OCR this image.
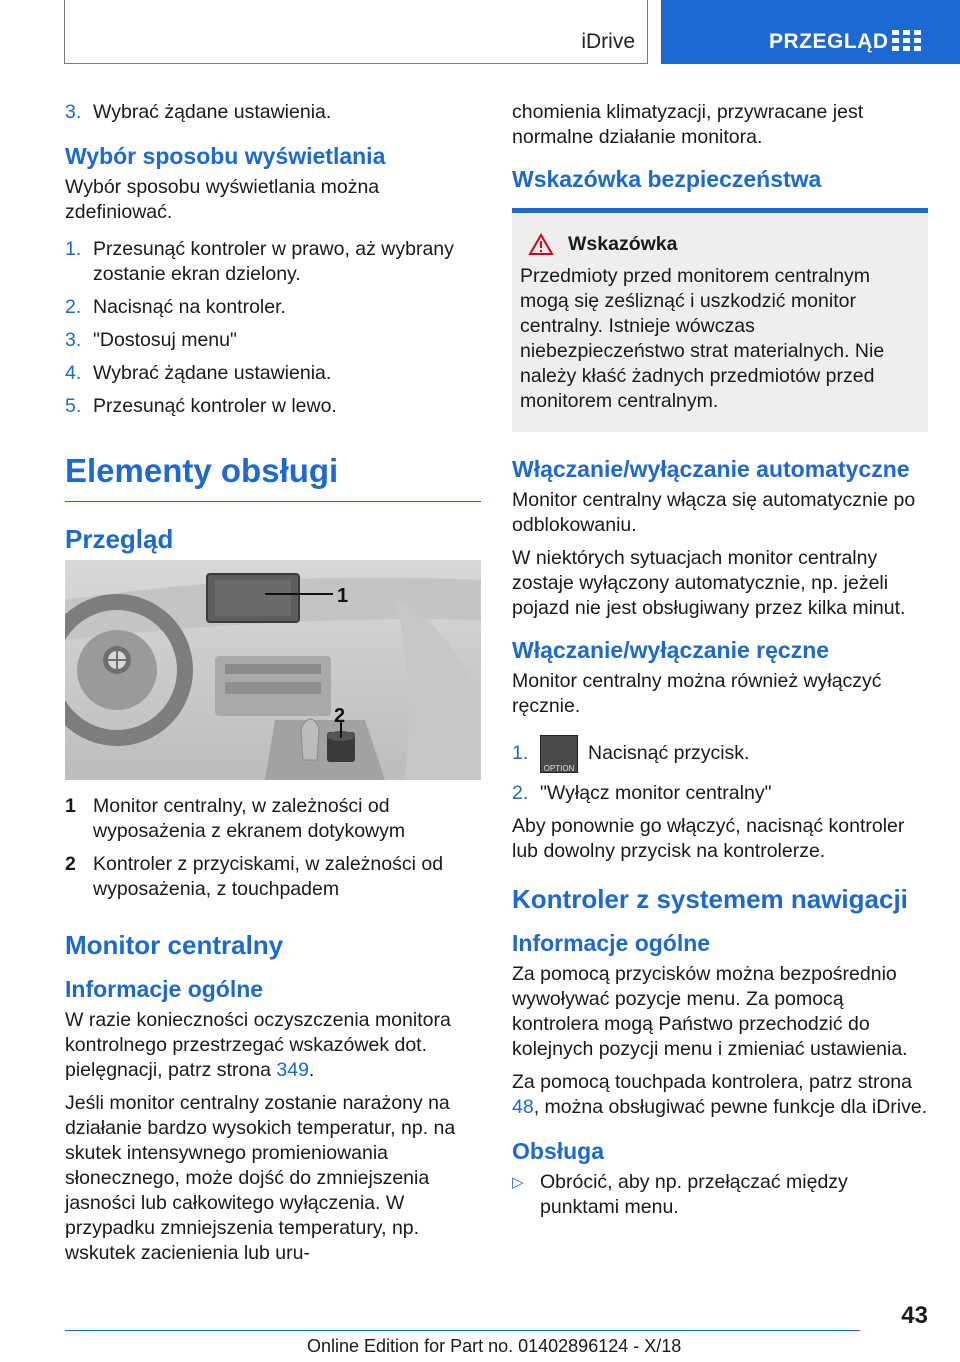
iDrive	PRZEGLĄD
3. Wybrać żądane ustawienia.
Wybór sposobu wyświetlania

Wybór sposobu wyświetlania można zdefiniować.

1. Przesunąć kontroler w prawo, aż wybrany zostanie ekran dzielony.
2. Nacisnąć na kontroler.
3. "Dostosuj menu"
4. Wybrać żądane ustawienia.
5. Przesunąć kontroler w lewo.
Elementy obsługi
Przegląd
1
2
1 Monitor centralny, w zależności od wyposażenia z ekranem dotykowym
2 Kontroler z przyciskami, w zależności od wyposażenia, z touchpadem
Monitor centralny
Informacje ogólne

W razie konieczności oczyszczenia monitora kontrolnego przestrzegać wskazówek dot. pielęgnacji, patrz strona 349.

Jeśli monitor centralny zostanie narażony na działanie bardzo wysokich temperatur, np. na skutek intensywnego promieniowania słonecznego, może dojść do zmniejszenia jasności lub całkowitego wyłączenia. W przypadku zmniejszenia temperatury, np. wskutek zacienienia lub uru-

chomienia klimatyzacji, przywracane jest normalne działanie monitora.

Wskazówka bezpieczeństwa
Wskazówka

Przedmioty przed monitorem centralnym mogą się ześliznąć i uszkodzić monitor centralny. Istnieje wówczas niebezpieczeństwo strat materialnych. Nie należy kłaść żadnych przedmiotów przed monitorem centralnym.

Włączanie/wyłączanie automatyczne

Monitor centralny włącza się automatycznie po odblokowaniu.

W niektórych sytuacjach monitor centralny zostaje wyłączony automatycznie, np. jeżeli pojazd nie jest obsługiwany przez kilka minut.

Włączanie/wyłączanie ręczne

Monitor centralny można również wyłączyć ręcznie.

1.
OPTION
Nacisnąć przycisk.
2. "Wyłącz monitor centralny"

Aby ponownie go włączyć, nacisnąć kontroler lub dowolny przycisk na kontrolerze.

Kontroler z systemem nawigacji
Informacje ogólne

Za pomocą przycisków można bezpośrednio wywoływać pozycje menu. Za pomocą kontrolera mogą Państwo przechodzić do kolejnych pozycji menu i zmieniać ustawienia.

Za pomocą touchpada kontrolera, patrz strona 48, można obsługiwać pewne funkcje dla iDrive.

Obsługa
▷ Obrócić, aby np. przełączać między punktami menu.
43
Online Edition for Part no. 01402896124 - X/18
